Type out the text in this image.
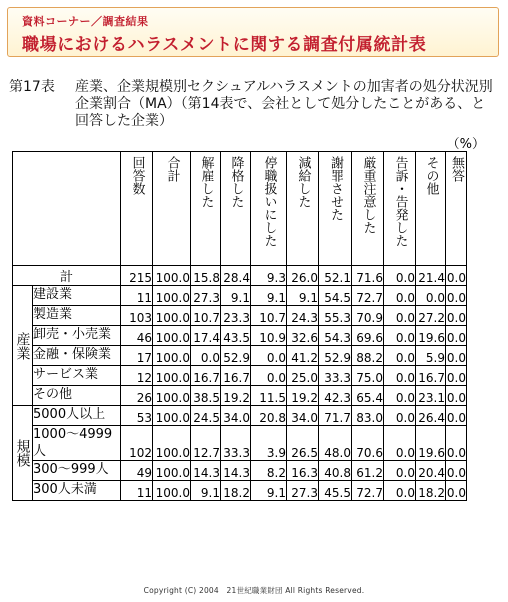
資料コーナー／調査結果
職場におけるハラスメントに関する調査付属統計表
第17表	産業、企業規模別セクシュアルハラスメントの加害者の処分状況別企業割合（MA）（第14表で、会社として処分したことがある、と回答した企業）
（%）

		回答数	合計	解雇した	降格した	停職扱いにした	減給した	謝罪させた	厳重注意した	告訴・告発した	その他	無答

計		215	100.0	15.8	28.4	9.3	26.0	52.1	71.6	0.0	21.4	0.0

産業	建設業	11	100.0	27.3	9.1	9.1	9.1	54.5	72.7	0.0	0.0	0.0
	製造業	103	100.0	10.7	23.3	10.7	24.3	55.3	70.9	0.0	27.2	0.0
	卸売・小売業	46	100.0	17.4	43.5	10.9	32.6	54.3	69.6	0.0	19.6	0.0
	金融・保険業	17	100.0	0.0	52.9	0.0	41.2	52.9	88.2	0.0	5.9	0.0
	サービス業	12	100.0	16.7	16.7	0.0	25.0	33.3	75.0	0.0	16.7	0.0
	その他	26	100.0	38.5	19.2	11.5	19.2	42.3	65.4	0.0	23.1	0.0

規模	5000人以上	53	100.0	24.5	34.0	20.8	34.0	71.7	83.0	0.0	26.4	0.0
	1000～4999人	102	100.0	12.7	33.3	3.9	26.5	48.0	70.6	0.0	19.6	0.0
	300～999人	49	100.0	14.3	14.3	8.2	16.3	40.8	61.2	0.0	20.4	0.0
	300人未満	11	100.0	9.1	18.2	9.1	27.3	45.5	72.7	0.0	18.2	0.0
Copyright (C) 2004　21世紀職業財団 All Rights Reserved.
